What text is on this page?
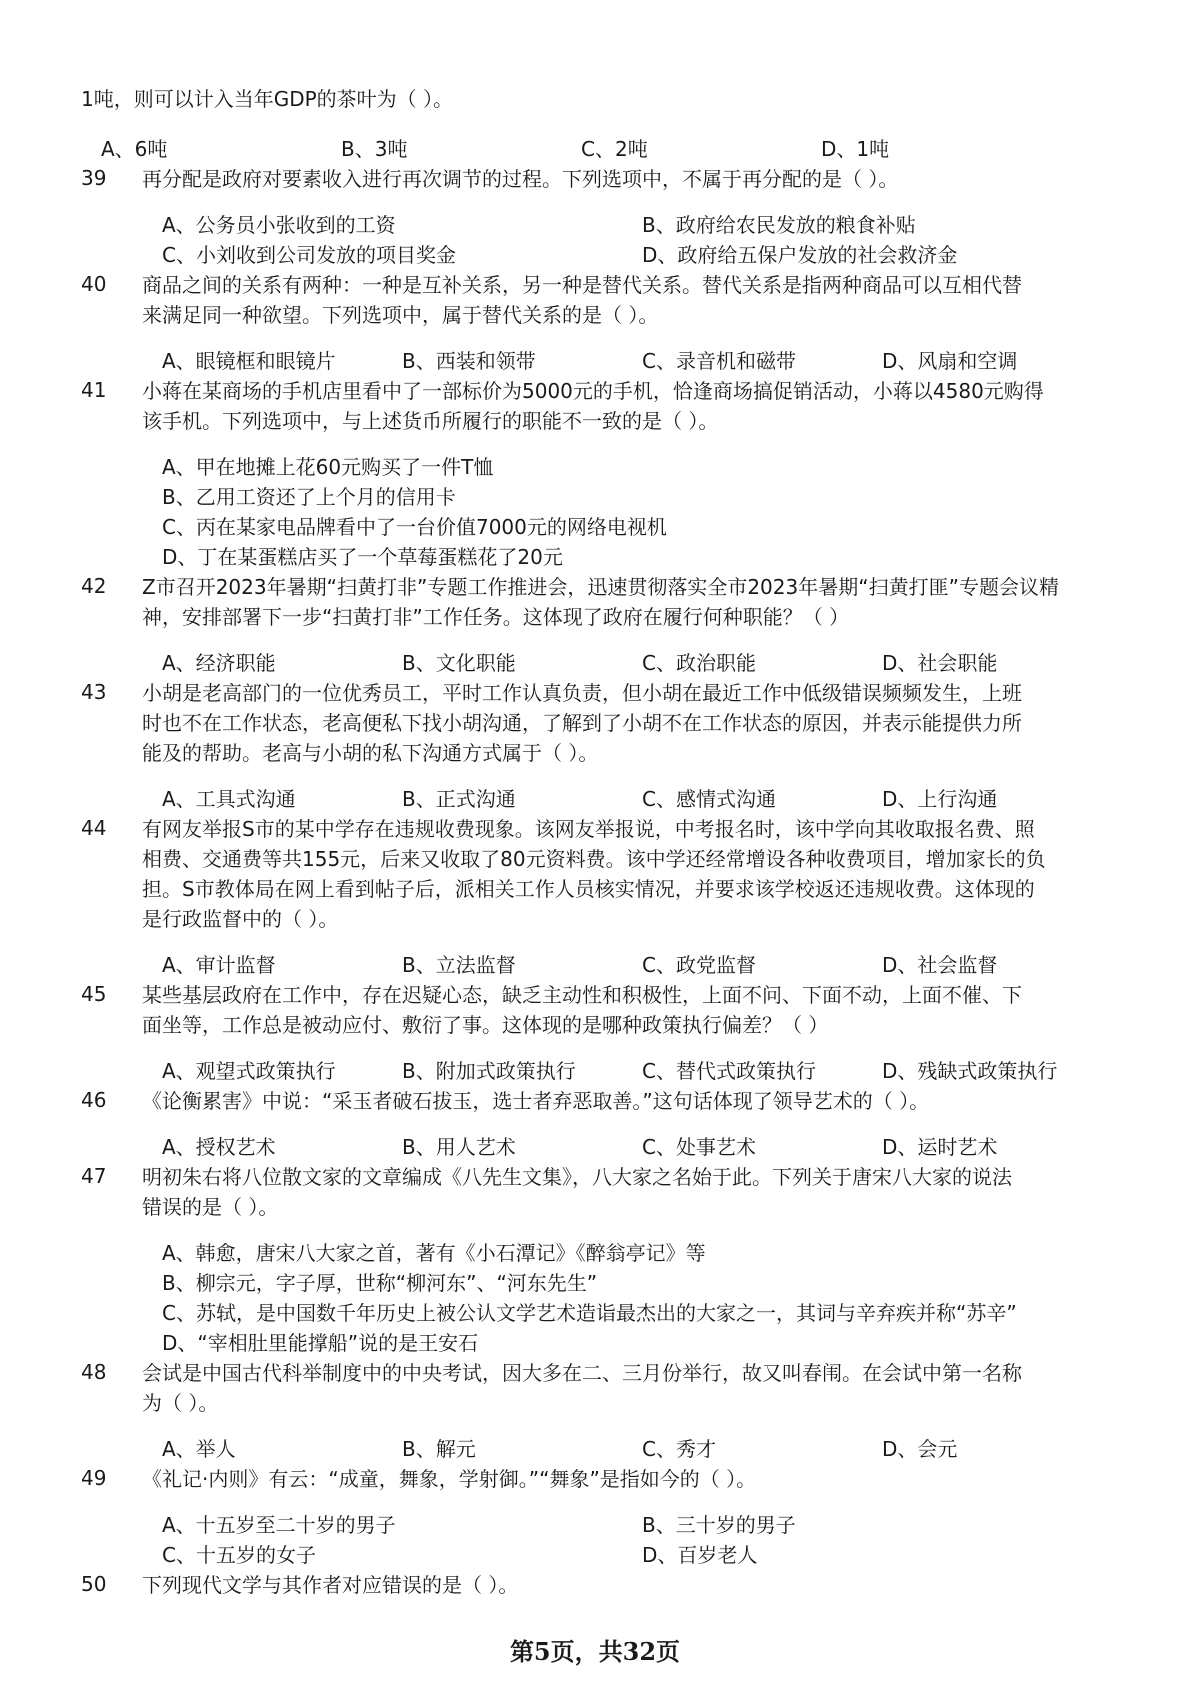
1吨，则可以计入当年GDP的茶叶为（ ）。
A、6吨	B、3吨	C、2吨	D、1吨
39 再分配是政府对要素收入进行再次调节的过程。下列选项中，不属于再分配的是（ ）。
A、公务员小张收到的工资	B、政府给农民发放的粮食补贴
C、小刘收到公司发放的项目奖金	D、政府给五保户发放的社会救济金
40 商品之间的关系有两种：一种是互补关系，另一种是替代关系。替代关系是指两种商品可以互相代替
来满足同一种欲望。下列选项中，属于替代关系的是（ ）。
A、眼镜框和眼镜片	B、西装和领带	C、录音机和磁带	D、风扇和空调
41 小蒋在某商场的手机店里看中了一部标价为5000元的手机，恰逢商场搞促销活动，小蒋以4580元购得
该手机。下列选项中，与上述货币所履行的职能不一致的是（ ）。
A、甲在地摊上花60元购买了一件T恤
B、乙用工资还了上个月的信用卡
C、丙在某家电品牌看中了一台价值7000元的网络电视机
D、丁在某蛋糕店买了一个草莓蛋糕花了20元
42 Z市召开2023年暑期“扫黄打非”专题工作推进会，迅速贯彻落实全市2023年暑期“扫黄打匪”专题会议精
神，安排部署下一步“扫黄打非”工作任务。这体现了政府在履行何种职能？（ ）
A、经济职能	B、文化职能	C、政治职能	D、社会职能
43 小胡是老高部门的一位优秀员工，平时工作认真负责，但小胡在最近工作中低级错误频频发生，上班
时也不在工作状态，老高便私下找小胡沟通，了解到了小胡不在工作状态的原因，并表示能提供力所
能及的帮助。老高与小胡的私下沟通方式属于（ ）。
A、工具式沟通	B、正式沟通	C、感情式沟通	D、上行沟通
44 有网友举报S市的某中学存在违规收费现象。该网友举报说，中考报名时，该中学向其收取报名费、照
相费、交通费等共155元，后来又收取了80元资料费。该中学还经常增设各种收费项目，增加家长的负
担。S市教体局在网上看到帖子后，派相关工作人员核实情况，并要求该学校返还违规收费。这体现的
是行政监督中的（ ）。
A、审计监督	B、立法监督	C、政党监督	D、社会监督
45 某些基层政府在工作中，存在迟疑心态，缺乏主动性和积极性，上面不问、下面不动，上面不催、下
面坐等，工作总是被动应付、敷衍了事。这体现的是哪种政策执行偏差？（ ）
A、观望式政策执行	B、附加式政策执行	C、替代式政策执行	D、残缺式政策执行
46 《论衡累害》中说：“采玉者破石拔玉，选士者弃恶取善。”这句话体现了领导艺术的（ ）。
A、授权艺术	B、用人艺术	C、处事艺术	D、运时艺术
47 明初朱右将八位散文家的文章编成《八先生文集》，八大家之名始于此。下列关于唐宋八大家的说法
错误的是（ ）。
A、韩愈，唐宋八大家之首，著有《小石潭记》《醉翁亭记》等
B、柳宗元，字子厚，世称“柳河东”、“河东先生”
C、苏轼，是中国数千年历史上被公认文学艺术造诣最杰出的大家之一，其词与辛弃疾并称“苏辛”
D、“宰相肚里能撑船”说的是王安石
48 会试是中国古代科举制度中的中央考试，因大多在二、三月份举行，故又叫春闱。在会试中第一名称
为（ ）。
A、举人	B、解元	C、秀才	D、会元
49 《礼记·内则》有云：“成童，舞象，学射御。”“舞象”是指如今的（ ）。
A、十五岁至二十岁的男子	B、三十岁的男子
C、十五岁的女子	D、百岁老人
50 下列现代文学与其作者对应错误的是（ ）。
第5页，共32页
